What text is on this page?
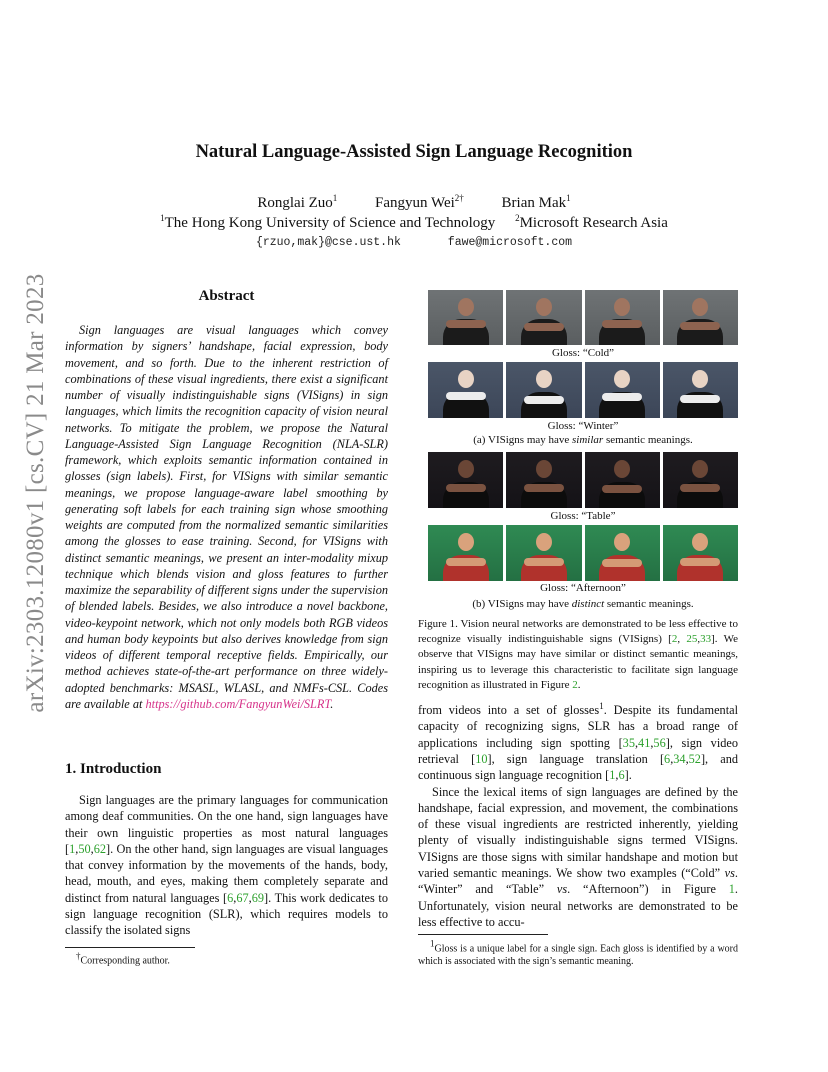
arXiv:2303.12080v1 [cs.CV] 21 Mar 2023
Natural Language-Assisted Sign Language Recognition
Ronglai Zuo$^1$	Fangyun Wei$^{2\dagger}$	Brian Mak$^1$
$^1$The Hong Kong University of Science and Technology $^2$Microsoft Research Asia
{rzuo,mak}@cse.ust.hk	fawe@microsoft.com
Abstract

Sign languages are visual languages which convey information by signers’ handshape, facial expression, body movement, and so forth. Due to the inherent restriction of combinations of these visual ingredients, there exist a significant number of visually indistinguishable signs (VISigns) in sign languages, which limits the recognition capacity of vision neural networks. To mitigate the problem, we propose the Natural Language-Assisted Sign Language Recognition (NLA-SLR) framework, which exploits semantic information contained in glosses (sign labels). First, for VISigns with similar semantic meanings, we propose language-aware label smoothing by generating soft labels for each training sign whose smoothing weights are computed from the normalized semantic similarities among the glosses to ease training. Second, for VISigns with distinct semantic meanings, we present an inter-modality mixup technique which blends vision and gloss features to further maximize the separability of different signs under the supervision of blended labels. Besides, we also introduce a novel backbone, video-keypoint network, which not only models both RGB videos and human body keypoints but also derives knowledge from sign videos of different temporal receptive fields. Empirically, our method achieves state-of-the-art performance on three widely-adopted benchmarks: MSASL, WLASL, and NMFs-CSL. Codes are available at https://github.com/FangyunWei/SLRT.

1. Introduction

Sign languages are the primary languages for communication among deaf communities. On the one hand, sign languages have their own linguistic properties as most natural languages [1,50,62]. On the other hand, sign languages are visual languages that convey information by the movements of the hands, body, head, mouth, and eyes, making them completely separate and distinct from natural languages [6,67,69]. This work dedicates to sign language recognition (SLR), which requires models to classify the isolated signs

†Corresponding author.
Gloss: “Cold”
Gloss: “Winter”
(a) VISigns may have similar semantic meanings.
Gloss: “Table”
Gloss: “Afternoon”
(b) VISigns may have distinct semantic meanings.
Figure 1. Vision neural networks are demonstrated to be less effective to recognize visually indistinguishable signs (VISigns) [2, 25,33]. We observe that VISigns may have similar or distinct semantic meanings, inspiring us to leverage this characteristic to facilitate sign language recognition as illustrated in Figure 2.

from videos into a set of glosses$^1$. Despite its fundamental capacity of recognizing signs, SLR has a broad range of applications including sign spotting [35,41,56], sign video retrieval [10], sign language translation [6,34,52], and continuous sign language recognition [1,6].

Since the lexical items of sign languages are defined by the handshape, facial expression, and movement, the combinations of these visual ingredients are restricted inherently, yielding plenty of visually indistinguishable signs termed VISigns. VISigns are those signs with similar handshape and motion but varied semantic meanings. We show two examples (“Cold” vs. “Winter” and “Table” vs. “Afternoon”) in Figure 1. Unfortunately, vision neural networks are demonstrated to be less effective to accu-

$^1$Gloss is a unique label for a single sign. Each gloss is identified by a word which is associated with the sign’s semantic meaning.
